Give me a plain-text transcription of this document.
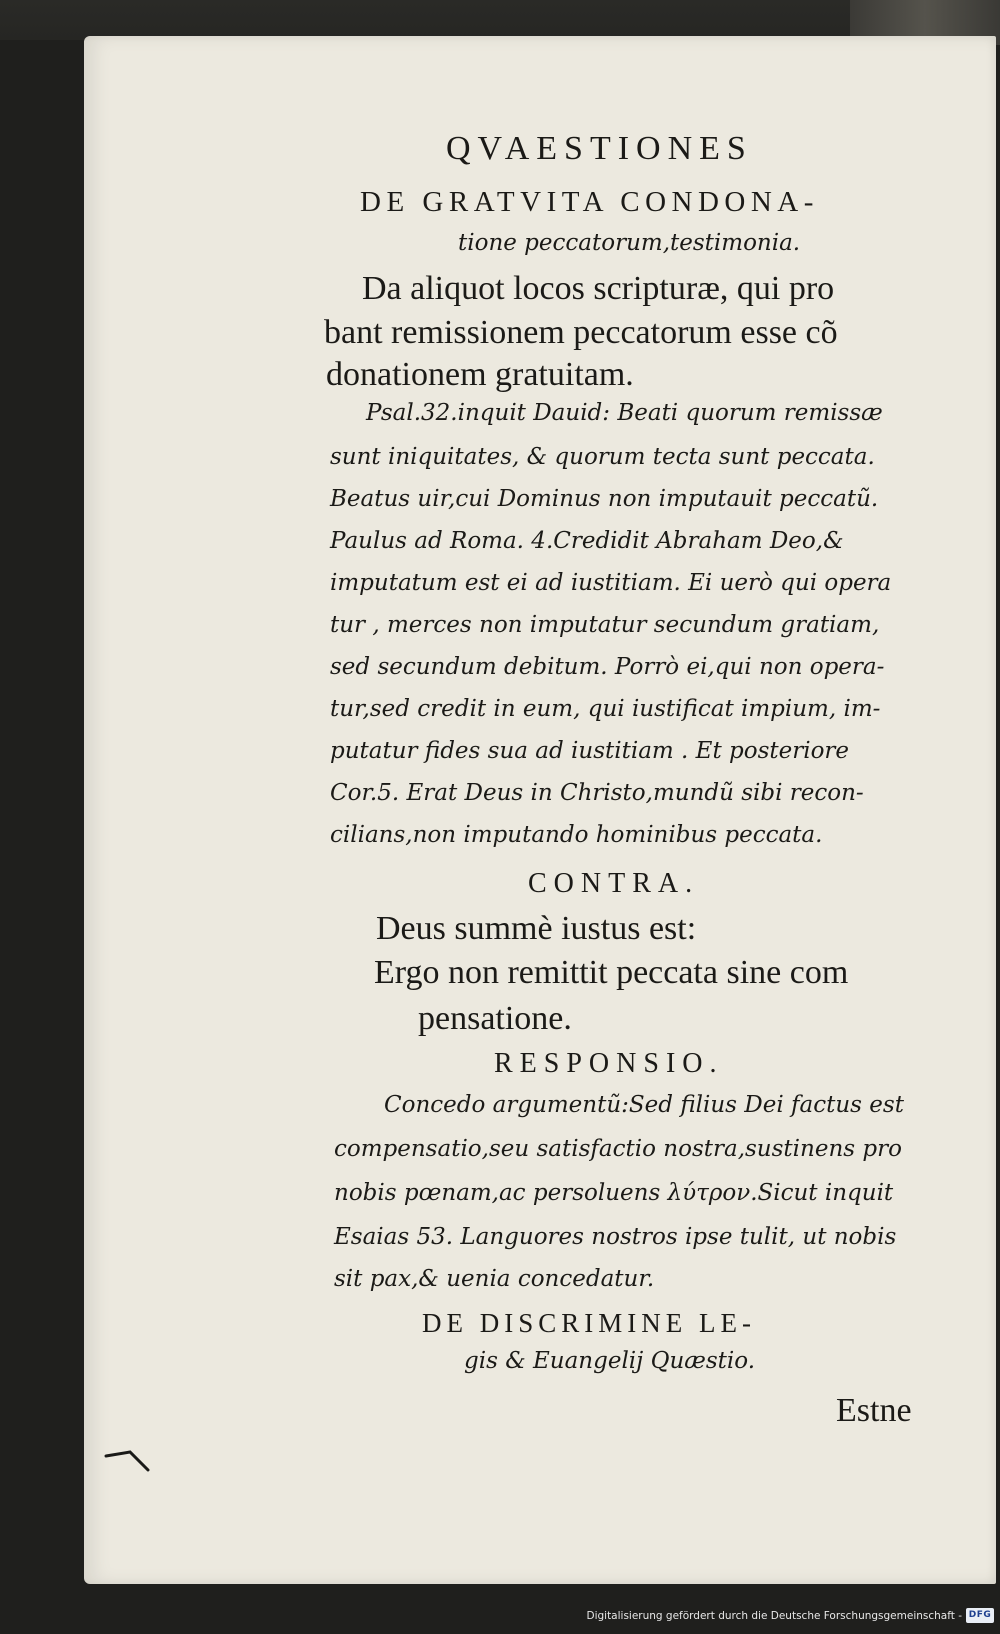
QVAESTIONES
DE GRATVITA CONDONA-
tione peccatorum,testimonia.
Da aliquot locos scripturæ, qui pro
bant remissionem peccatorum esse cõ
donationem gratuitam.
Psal.32.inquit Dauid: Beati quorum remissæ
sunt iniquitates, & quorum tecta sunt peccata.
Beatus uir,cui Dominus non imputauit peccatũ.
Paulus ad Roma. 4.Credidit Abraham Deo,&
imputatum est ei ad iustitiam. Ei uerò qui opera
tur , merces non imputatur secundum gratiam,
sed secundum debitum. Porrò ei,qui non opera-
tur,sed credit in eum, qui iustificat impium, im-
putatur fides sua ad iustitiam . Et posteriore
Cor.5. Erat Deus in Christo,mundũ sibi recon-
cilians,non imputando hominibus peccata.
CONTRA.
Deus summè iustus est:
Ergo non remittit peccata sine com
pensatione.
RESPONSIO.
Concedo argumentũ:Sed filius Dei factus est
compensatio,seu satisfactio nostra,sustinens pro
nobis pœnam,ac persoluens λύτρον.Sicut inquit
Esaias 53. Languores nostros ipse tulit, ut nobis
sit pax,& uenia concedatur.
DE DISCRIMINE LE-
gis & Euangelij Quæstio.
Estne
Digitalisierung gefördert durch die Deutsche Forschungsgemeinschaft - DFG
